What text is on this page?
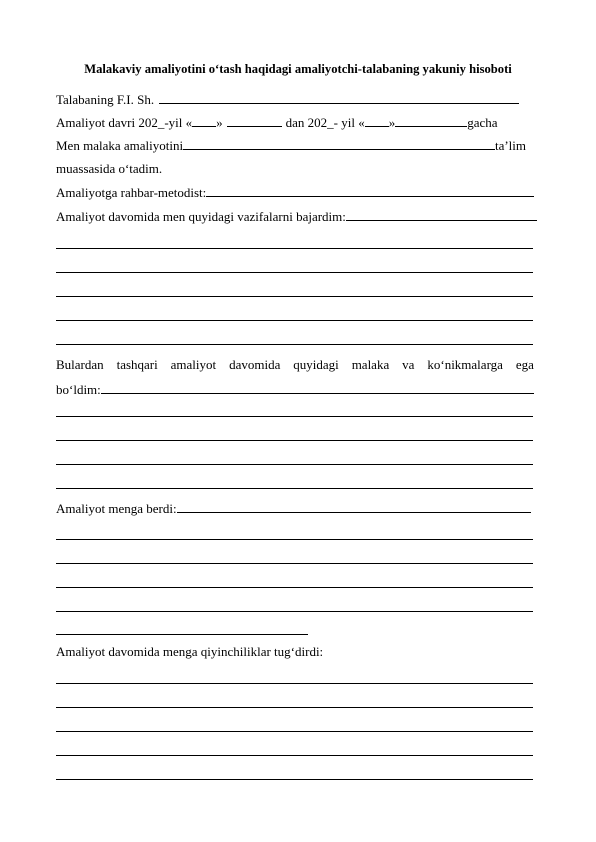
Malakaviy amaliyotini o‘tash haqidagi amaliyotchi-talabaning yakuniy hisoboti
Talabaning F.I. Sh.
Amaliyot davri 202_-yil « »	dan 202_- yil « »	gacha
Men malaka amaliyotini	ta’lim
muassasida o‘tadim.
Amaliyotga rahbar-metodist:
Amaliyot davomida men quyidagi vazifalarni bajardim:
Bulardan tashqari amaliyot davomida quyidagi malaka va ko‘nikmalarga ega
bo‘ldim:
Amaliyot menga berdi:
Amaliyot davomida menga qiyinchiliklar tug‘dirdi:
